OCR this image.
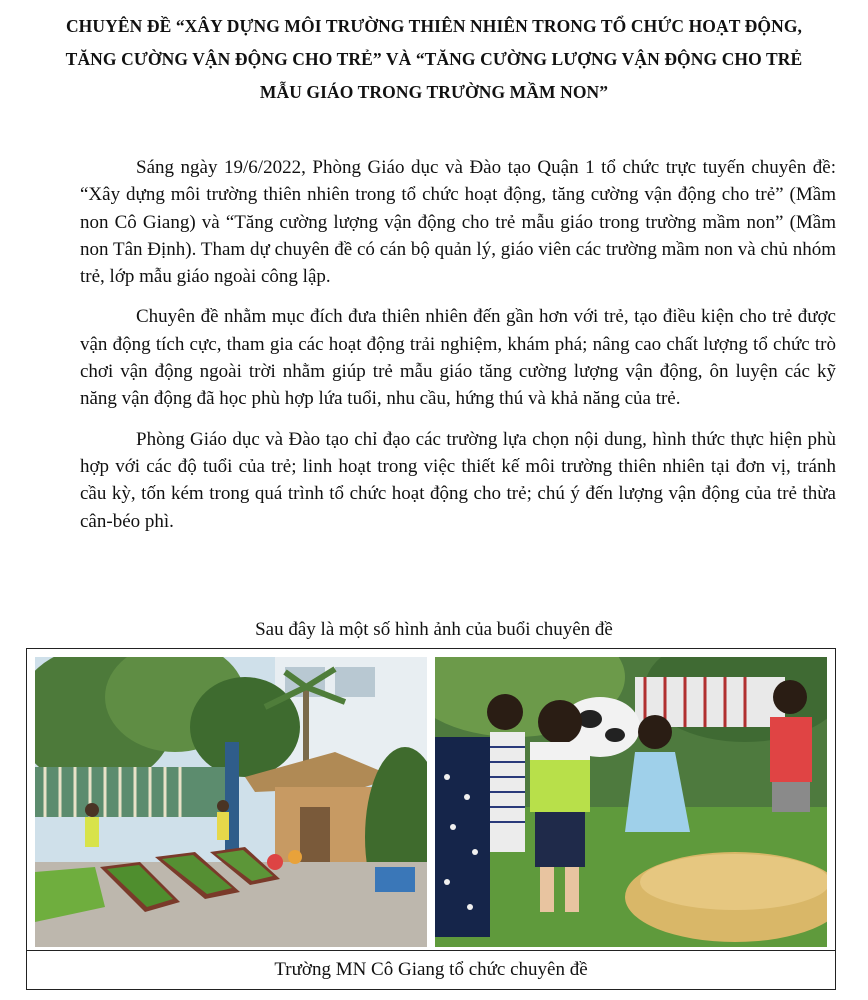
CHUYÊN ĐỀ “XÂY DỰNG MÔI TRƯỜNG THIÊN NHIÊN TRONG TỔ CHỨC HOẠT ĐỘNG, TĂNG CƯỜNG VẬN ĐỘNG CHO TRẺ” VÀ “TĂNG CƯỜNG LƯỢNG VẬN ĐỘNG CHO TRẺ MẪU GIÁO TRONG TRƯỜNG MẦM NON”

Sáng ngày 19/6/2022, Phòng Giáo dục và Đào tạo Quận 1 tổ chức trực tuyến chuyên đề: “Xây dựng môi trường thiên nhiên trong tổ chức hoạt động, tăng cường vận động cho trẻ” (Mầm non Cô Giang) và “Tăng cường lượng vận động cho trẻ mẫu giáo trong trường mầm non” (Mầm non Tân Định). Tham dự chuyên đề có cán bộ quản lý, giáo viên các trường mầm non và chủ nhóm trẻ, lớp mẫu giáo ngoài công lập.

Chuyên đề nhằm mục đích đưa thiên nhiên đến gần hơn với trẻ, tạo điều kiện cho trẻ được vận động tích cực, tham gia các hoạt động trải nghiệm, khám phá; nâng cao chất lượng tổ chức trò chơi vận động ngoài trời nhằm giúp trẻ mẫu giáo tăng cường lượng vận động, ôn luyện các kỹ năng vận động đã học phù hợp lứa tuổi, nhu cầu, hứng thú và khả năng của trẻ.

Phòng Giáo dục và Đào tạo chỉ đạo các trường lựa chọn nội dung, hình thức thực hiện phù hợp với các độ tuổi của trẻ; linh hoạt trong việc thiết kế môi trường thiên nhiên tại đơn vị, tránh cầu kỳ, tốn kém trong quá trình tổ chức hoạt động cho trẻ; chú ý đến lượng vận động của trẻ thừa cân-béo phì.

Sau đây là một số hình ảnh của buổi chuyên đề
Trường MN Cô Giang tổ chức chuyên đề
